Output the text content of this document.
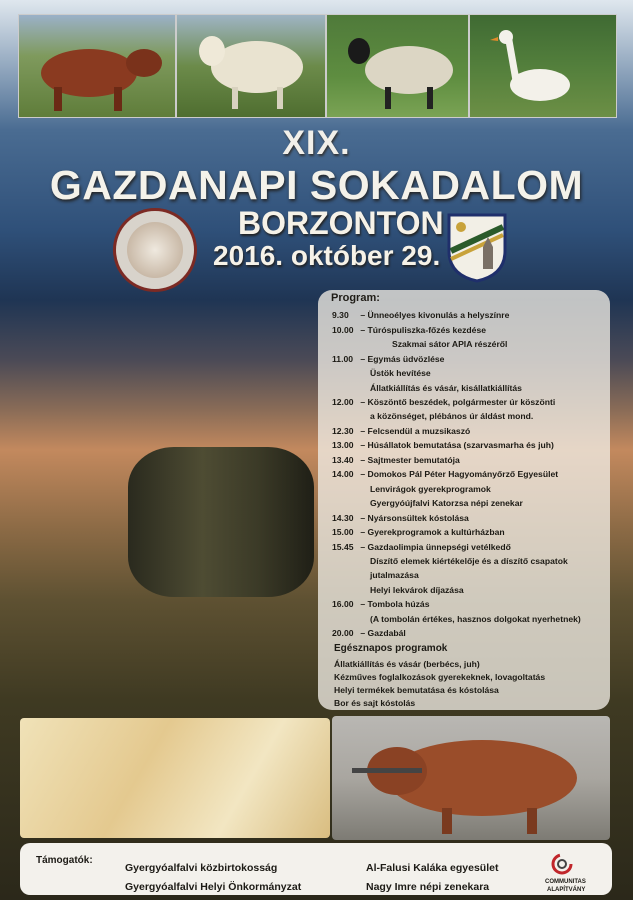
XIX.
GAZDANAPI SOKADALOM
BORZONTON
2016. október 29.
Program:
9.30 – Ünneoélyes kivonulás a helyszínre
10.00 – Túróspuliszka-főzés kezdése
Szakmai sátor APIA részéről
11.00 – Egymás üdvözlése
Üstök hevítése
Állatkiállítás és vásár, kisállatkiállítás
12.00 – Köszöntő beszédek, polgármester úr köszönti
a közönséget, plébános úr áldást mond.
12.30 – Felcsendül a muzsikaszó
13.00 – Húsállatok bemutatása (szarvasmarha és juh)
13.40 – Sajtmester bemutatója
14.00 – Domokos Pál Péter Hagyományőrző Egyesület
Lenvirágok gyerekprogramok
Gyergyóújfalvi Katorzsa népi zenekar
14.30 – Nyársonsültek kóstolása
15.00 – Gyerekprogramok a kultúrházban
15.45 – Gazdaolimpia ünnepségi vetélkedő
Díszítő elemek kiértékelője és a díszítő csapatok
jutalmazása
Helyi lekvárok díjazása
16.00 – Tombola húzás
(A tombolán értékes, hasznos dolgokat nyerhetnek)
20.00 – Gazdabál
Egésznapos programok
Állatkiállítás és vásár (berbécs, juh)
Kézműves foglalkozások gyerekeknek, lovagoltatás
Helyi termékek bemutatása és kóstolása
Bor és sajt kóstolás
Támogatók:
Gyergyóalfalvi közbirtokosság	Al-Falusi Kaláka egyesület
Gyergyóalfalvi Helyi Önkormányzat	Nagy Imre népi zenekara	COMMUNITAS
ALAPÍTVÁNY
